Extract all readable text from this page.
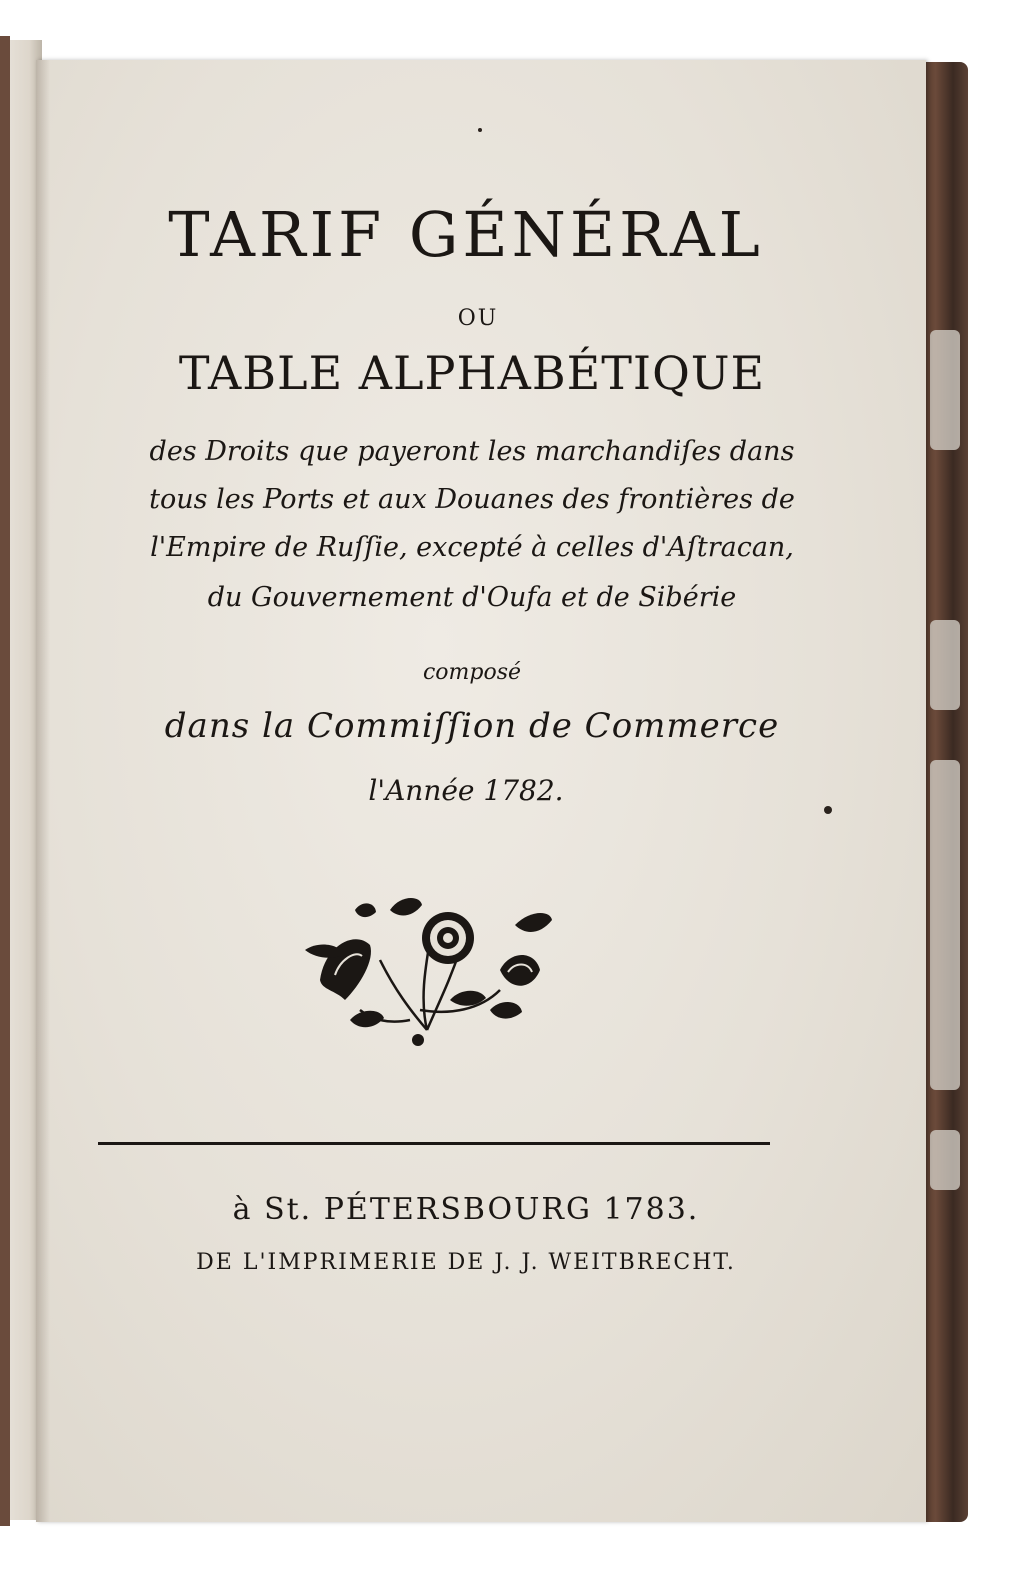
TARIF GÉNÉRAL
OU
TABLE ALPHABÉTIQUE
des Droits que payeront les marchandiſes dans
tous les Ports et aux Douanes des frontières de
l'Empire de Ruſſie, excepté à celles d'Aſtracan,
du Gouvernement d'Oufa et de Sibérie
composé
dans la Commiſſion de Commerce
l'Année 1782.
à St. PÉTERSBOURG 1783.
DE L'IMPRIMERIE DE J. J. WEITBRECHT.
